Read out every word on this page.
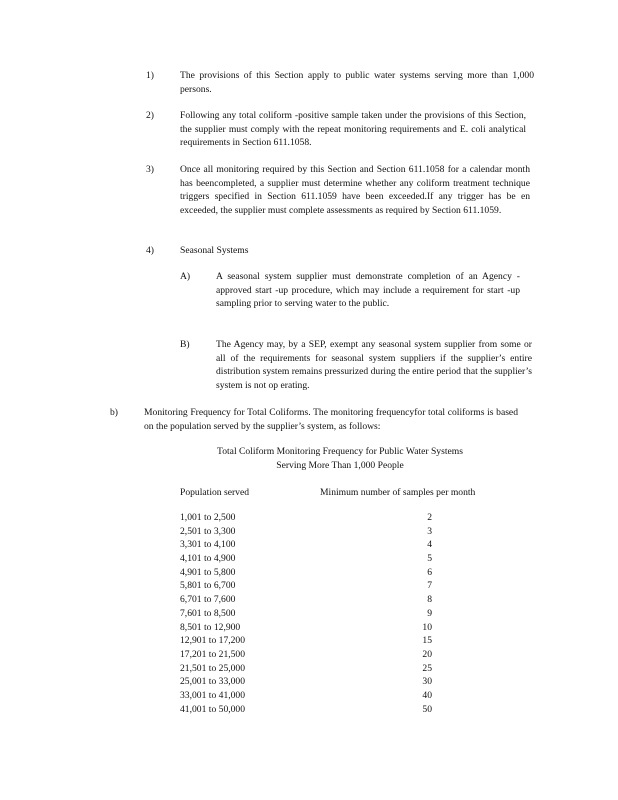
1)	The provisions of this Section apply to public water systems serving more than 1,000 persons.
2)	Following any total coliform -positive sample taken under the provisions of this Section, the supplier must comply with the repeat monitoring requirements and E. coli analytical requirements in Section 611.1058.
3)	Once all monitoring required by this Section and Section 611.1058 for a calendar month has beencompleted, a supplier must determine whether any coliform treatment technique triggers specified in Section 611.1059 have been exceeded.If any trigger has be en exceeded, the supplier must complete assessments as required by Section 611.1059.
4)	Seasonal Systems
A)	A seasonal system supplier must demonstrate completion of an Agency -approved start -up procedure, which may include a requirement for start -up sampling prior to serving water to the public.
B)	The Agency may, by a SEP, exempt any seasonal system supplier from some or all of the requirements for seasonal system suppliers if the supplier’s entire distribution system remains pressurized during the entire period that the supplier’s system is not op erating.
b)	Monitoring Frequency for Total Coliforms. The monitoring frequencyfor total coliforms is based on the population served by the supplier’s system, as follows:
Total Coliform Monitoring Frequency for Public Water Systems
Serving More Than 1,000 People
Population served	Minimum number of samples per month
1,001 to 2,500	2
2,501 to 3,300	3
3,301 to 4,100	4
4,101 to 4,900	5
4,901 to 5,800	6
5,801 to 6,700	7
6,701 to 7,600	8
7,601 to 8,500	9
8,501 to 12,900	10
12,901 to 17,200	15
17,201 to 21,500	20
21,501 to 25,000	25
25,001 to 33,000	30
33,001 to 41,000	40
41,001 to 50,000	50
